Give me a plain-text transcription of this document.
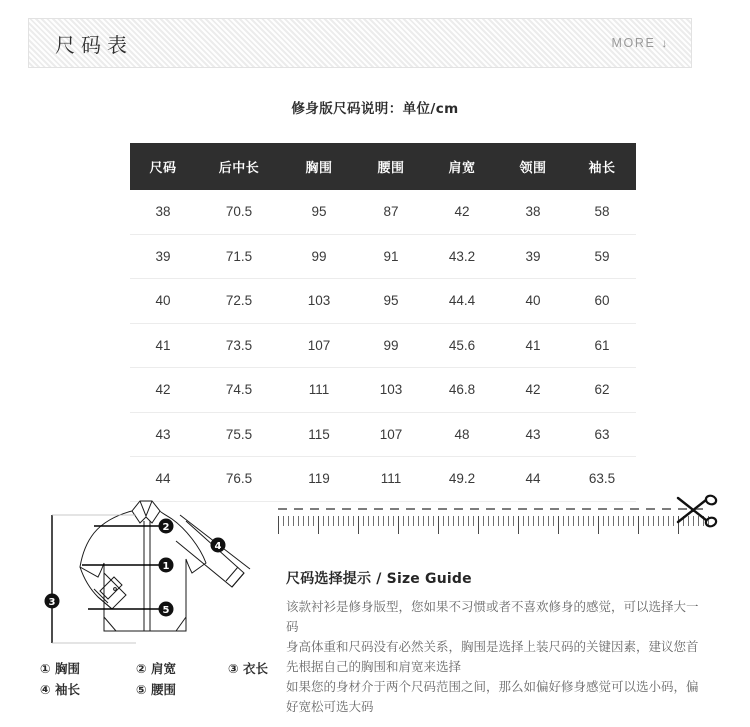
尺码表	MORE ↓
修身版尺码说明：单位/cm
尺码	后中长	胸围	腰围	肩宽	领围	袖长
38	70.5	95	87	42	38	58
39	71.5	99	91	43.2	39	59
40	72.5	103	95	44.4	40	60
41	73.5	107	99	45.6	41	61
42	74.5	111	103	46.8	42	62
43	75.5	115	107	48	43	63
44	76.5	119	111	49.2	44	63.5
2
1
5
3
4
① 胸围	② 肩宽	③ 衣长
④ 袖长	⑤ 腰围
尺码选择提示 / Size Guide

该款衬衫是修身版型，您如果不习惯或者不喜欢修身的感觉，可以选择大一码

身高体重和尺码没有必然关系，胸围是选择上装尺码的关键因素，建议您首先根据自己的胸围和肩宽来选择

如果您的身材介于两个尺码范围之间，那么如偏好修身感觉可以选小码，偏好宽松可选大码
